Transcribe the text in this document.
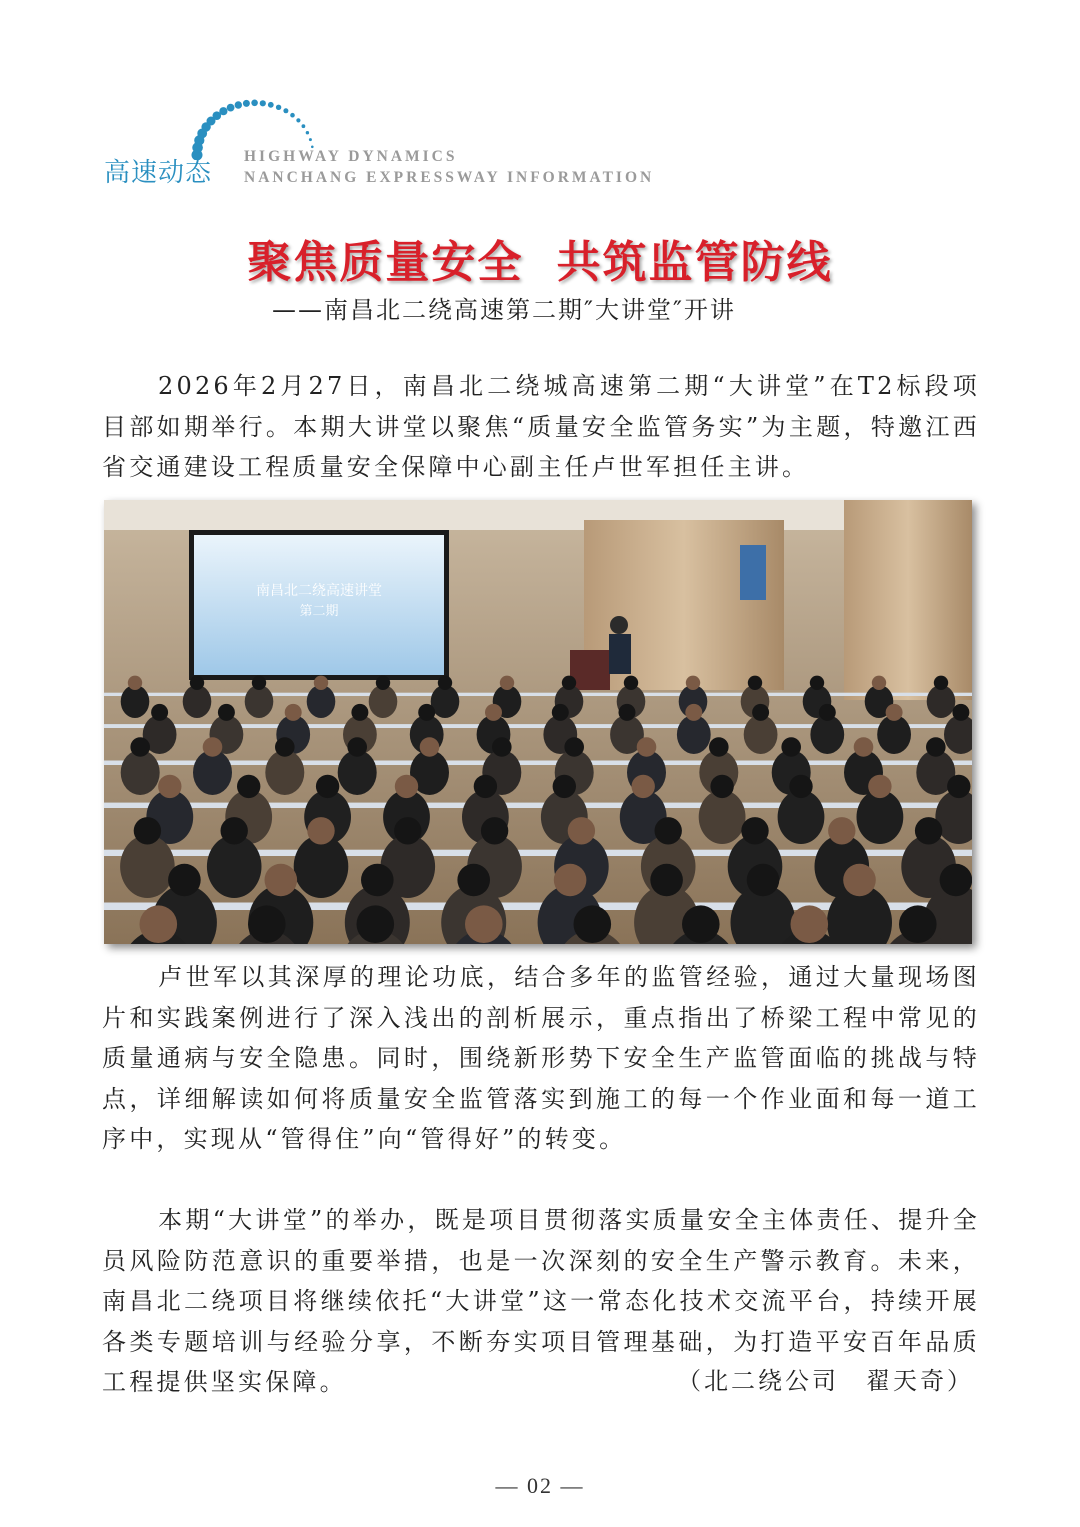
高速动态
HIGHWAY DYNAMICS
NANCHANG EXPRESSWAY INFORMATION
聚焦质量安全 共筑监管防线
——南昌北二绕高速第二期″大讲堂″开讲
2026年2月27日，南昌北二绕城高速第二期“大讲堂”在T2标段项目部如期举行。本期大讲堂以聚焦“质量安全监管务实”为主题，特邀江西省交通建设工程质量安全保障中心副主任卢世军担任主讲。
南昌北二绕高速讲堂
第二期
卢世军以其深厚的理论功底，结合多年的监管经验，通过大量现场图片和实践案例进行了深入浅出的剖析展示，重点指出了桥梁工程中常见的质量通病与安全隐患。同时，围绕新形势下安全生产监管面临的挑战与特点，详细解读如何将质量安全监管落实到施工的每一个作业面和每一道工序中，实现从“管得住”向“管得好”的转变。
本期“大讲堂”的举办，既是项目贯彻落实质量安全主体责任、提升全员风险防范意识的重要举措，也是一次深刻的安全生产警示教育。未来，南昌北二绕项目将继续依托“大讲堂”这一常态化技术交流平台，持续开展各类专题培训与经验分享，不断夯实项目管理基础，为打造平安百年品质工程提供坚实保障。	（北二绕公司　翟天奇）
— 02 —
